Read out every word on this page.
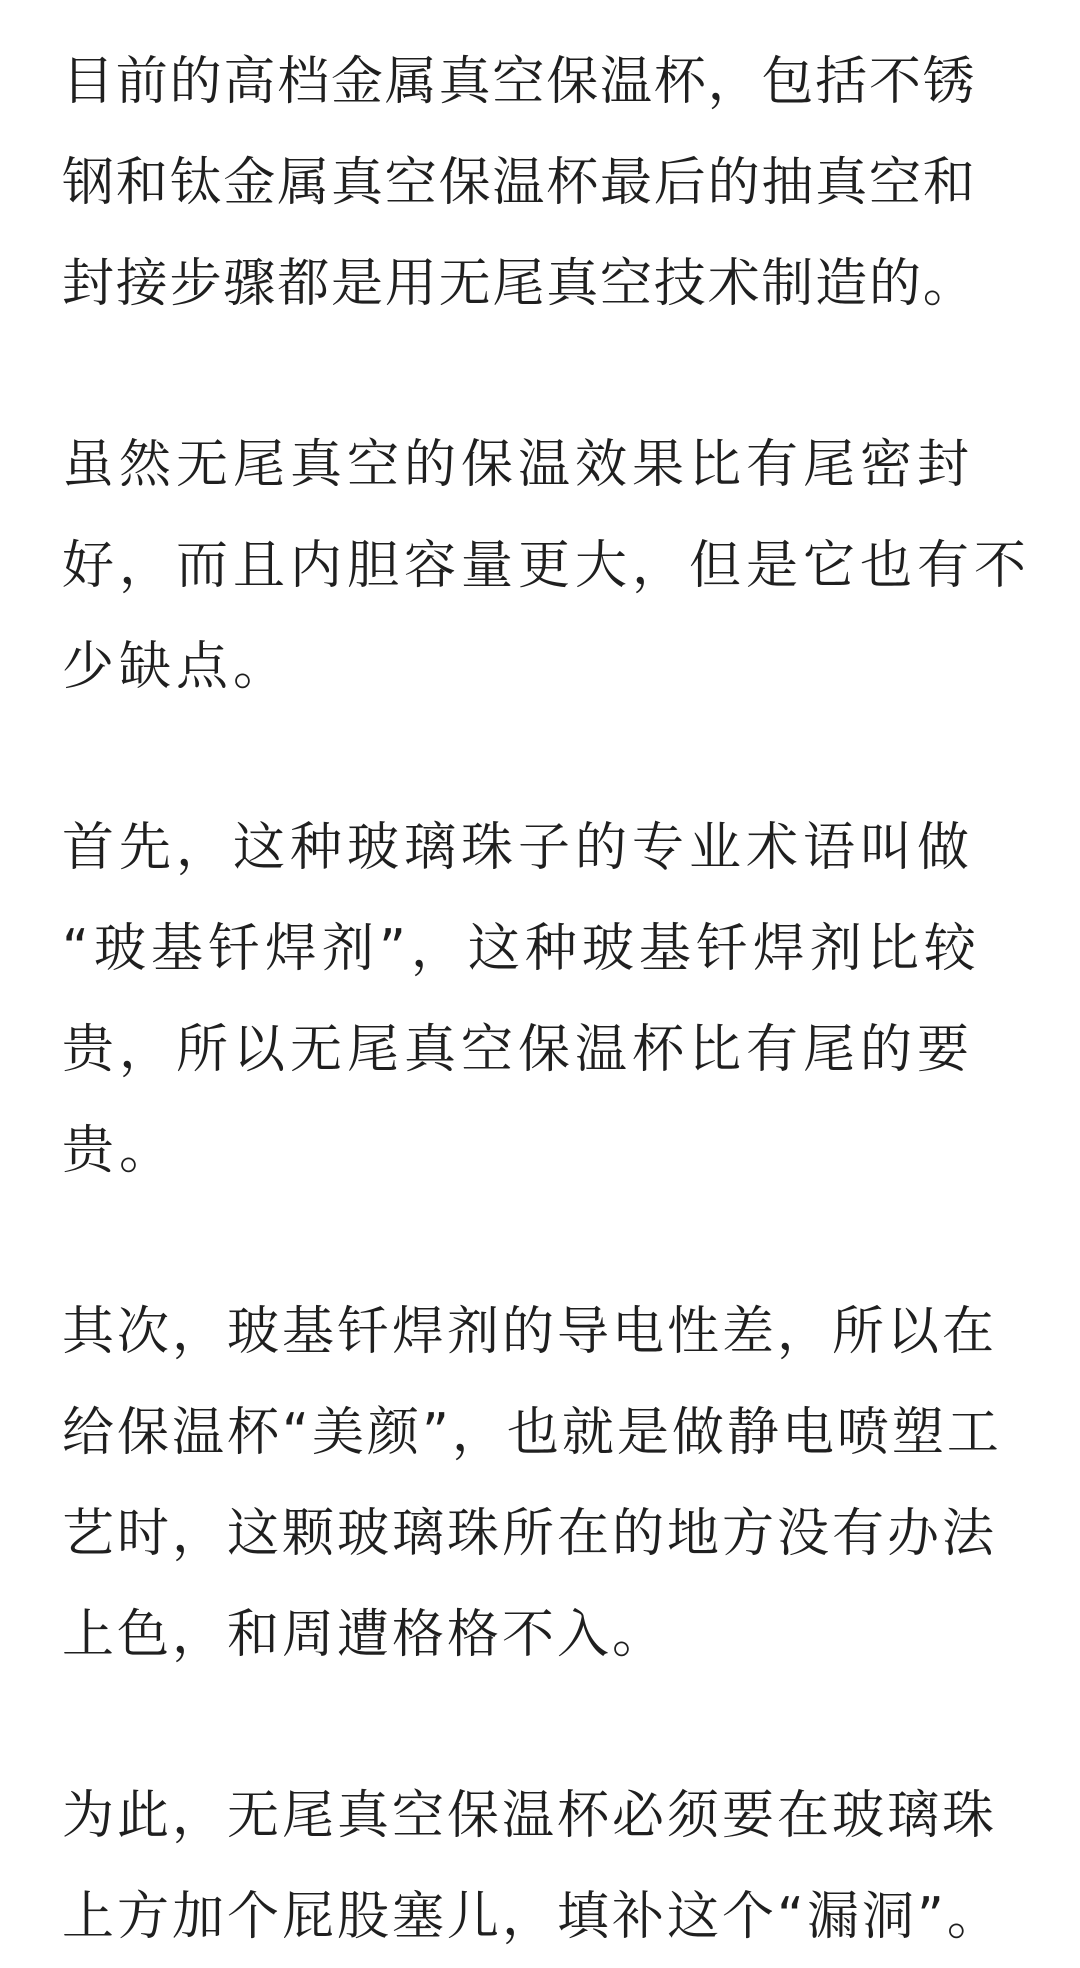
目前的高档金属真空保温杯，包括不锈
钢和钛金属真空保温杯最后的抽真空和
封接步骤都是用无尾真空技术制造的。
虽然无尾真空的保温效果比有尾密封
好，而且内胆容量更大，但是它也有不
少缺点。
首先，这种玻璃珠子的专业术语叫做
“玻基钎焊剂”，这种玻基钎焊剂比较
贵，所以无尾真空保温杯比有尾的要
贵。
其次，玻基钎焊剂的导电性差，所以在
给保温杯“美颜”，也就是做静电喷塑工
艺时，这颗玻璃珠所在的地方没有办法
上色，和周遭格格不入。
为此，无尾真空保温杯必须要在玻璃珠
上方加个屁股塞儿，填补这个“漏洞”。
